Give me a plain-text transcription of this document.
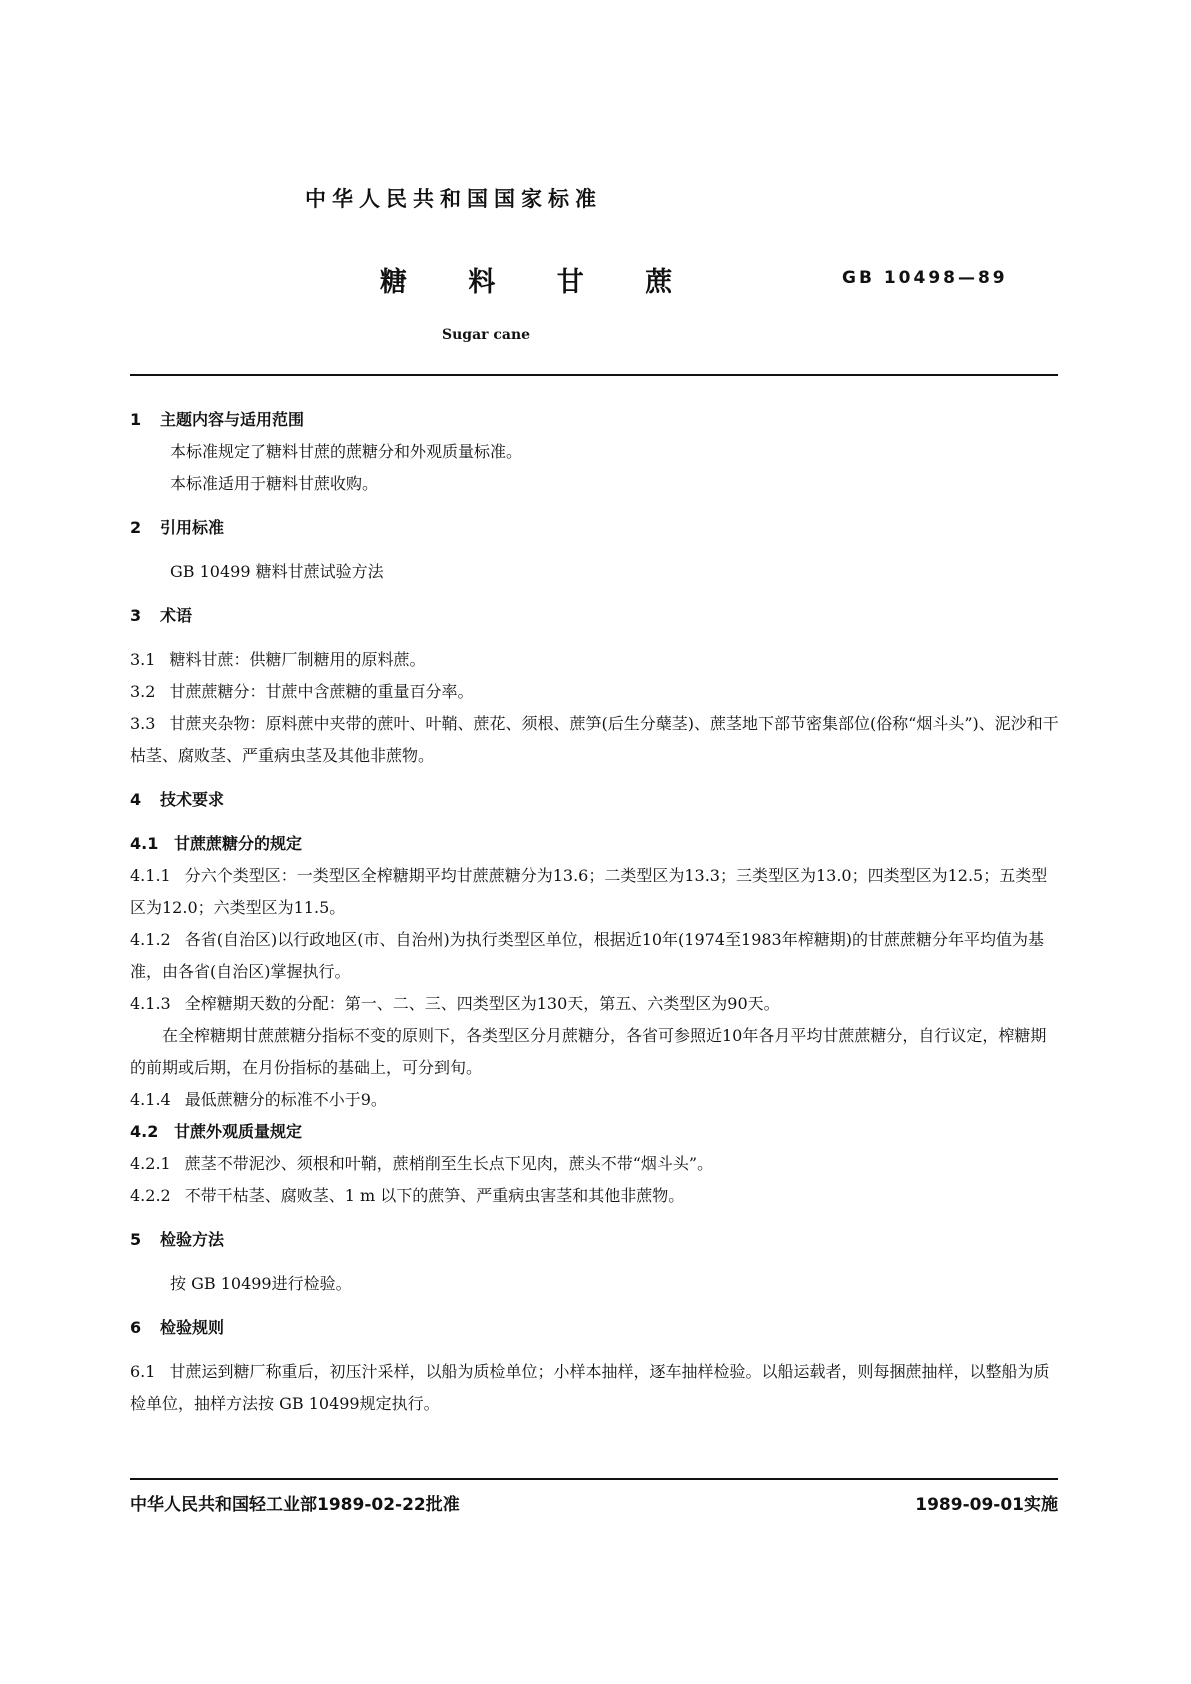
中华人民共和国国家标准
糖 料 甘 蔗	GB 10498—89
Sugar cane
1 主题内容与适用范围

本标准规定了糖料甘蔗的蔗糖分和外观质量标准。

本标准适用于糖料甘蔗收购。

2 引用标准

GB 10499 糖料甘蔗试验方法

3 术语

3.1 糖料甘蔗：供糖厂制糖用的原料蔗。

3.2 甘蔗蔗糖分：甘蔗中含蔗糖的重量百分率。

3.3 甘蔗夹杂物：原料蔗中夹带的蔗叶、叶鞘、蔗花、须根、蔗笋(后生分蘖茎)、蔗茎地下部节密集部位(俗称“烟斗头”)、泥沙和干枯茎、腐败茎、严重病虫茎及其他非蔗物。

4 技术要求
4.1 甘蔗蔗糖分的规定

4.1.1 分六个类型区：一类型区全榨糖期平均甘蔗蔗糖分为13.6；二类型区为13.3；三类型区为13.0；四类型区为12.5；五类型区为12.0；六类型区为11.5。

4.1.2 各省(自治区)以行政地区(市、自治州)为执行类型区单位，根据近10年(1974至1983年榨糖期)的甘蔗蔗糖分年平均值为基准，由各省(自治区)掌握执行。

4.1.3 全榨糖期天数的分配：第一、二、三、四类型区为130天，第五、六类型区为90天。

在全榨糖期甘蔗蔗糖分指标不变的原则下，各类型区分月蔗糖分，各省可参照近10年各月平均甘蔗蔗糖分，自行议定，榨糖期的前期或后期，在月份指标的基础上，可分到旬。

4.1.4 最低蔗糖分的标准不小于9。

4.2 甘蔗外观质量规定

4.2.1 蔗茎不带泥沙、须根和叶鞘，蔗梢削至生长点下见肉，蔗头不带“烟斗头”。

4.2.2 不带干枯茎、腐败茎、1 m 以下的蔗笋、严重病虫害茎和其他非蔗物。

5 检验方法

按 GB 10499进行检验。

6 检验规则

6.1 甘蔗运到糖厂称重后，初压汁采样，以船为质检单位；小样本抽样，逐车抽样检验。以船运载者，则每捆蔗抽样，以整船为质检单位，抽样方法按 GB 10499规定执行。

中华人民共和国轻工业部1989-02-22批准	1989-09-01实施
